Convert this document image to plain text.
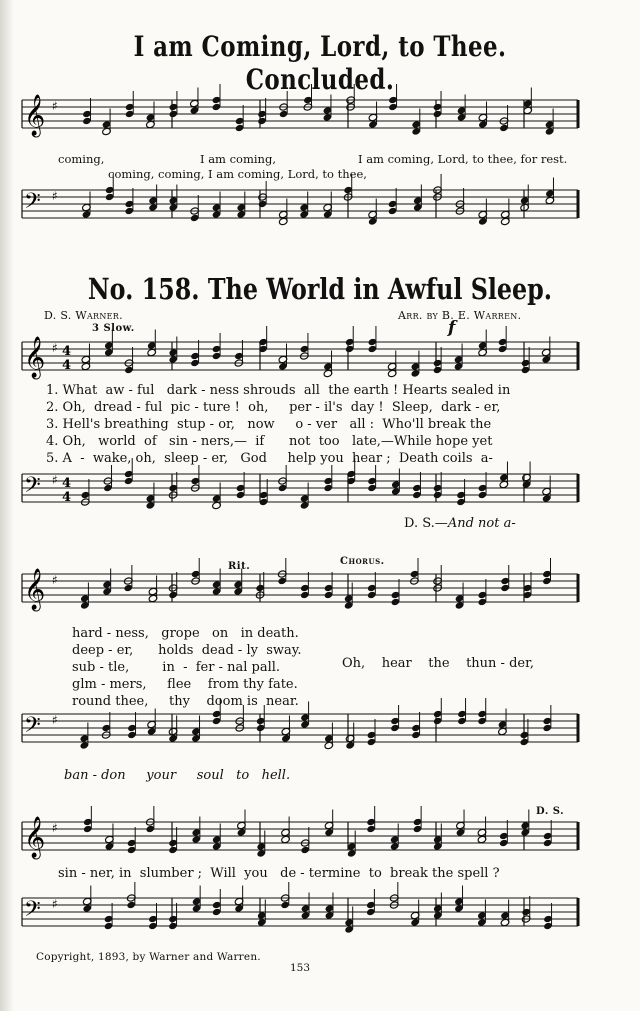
I am Coming, Lord, to Thee. Concluded.
𝄞 ♯
coming,	I am coming,	I am coming, Lord, to thee, for rest.
coming, coming, I am coming, Lord, to thee,
𝄢 ♯
No. 158. The World in Awful Sleep.
D. S. Warner.	Arr. by B. E. Warren.
3 Slow.	f
𝄞 ♯ 4
4
1. What  aw - ful   dark - ness shrouds  all  the earth ! Hearts sealed in
2. Oh,  dread - ful  pic - ture !  oh,     per - il's  day !  Sleep,  dark - er,
3. Hell's breathing  stup - or,   now     o - ver   all :  Who'll break the
4. Oh,   world  of   sin - ners,—  if      not  too   late,—While hope yet
5. A  -  wake, oh,  sleep - er,   God     help you  hear ;  Death coils  a-
𝄢 ♯ 4
4
D. S.—And not a-
Rit.	Chorus.
𝄞 ♯
hard - ness,   grope   on   in death.
deep - er,      holds  dead - ly  sway.
sub - tle,        in  -  fer - nal pall.
glm - mers,     flee    from thy fate.
round thee,     thy    doom is  near.
Oh,    hear    the    thun - der,
𝄢 ♯
ban - don     your     soul   to   hell.
D. S.
𝄞 ♯
sin - ner, in  slumber ;  Will  you   de - termine  to  break the spell ?
𝄢 ♯
Copyright, 1893, by Warner and Warren.
153
